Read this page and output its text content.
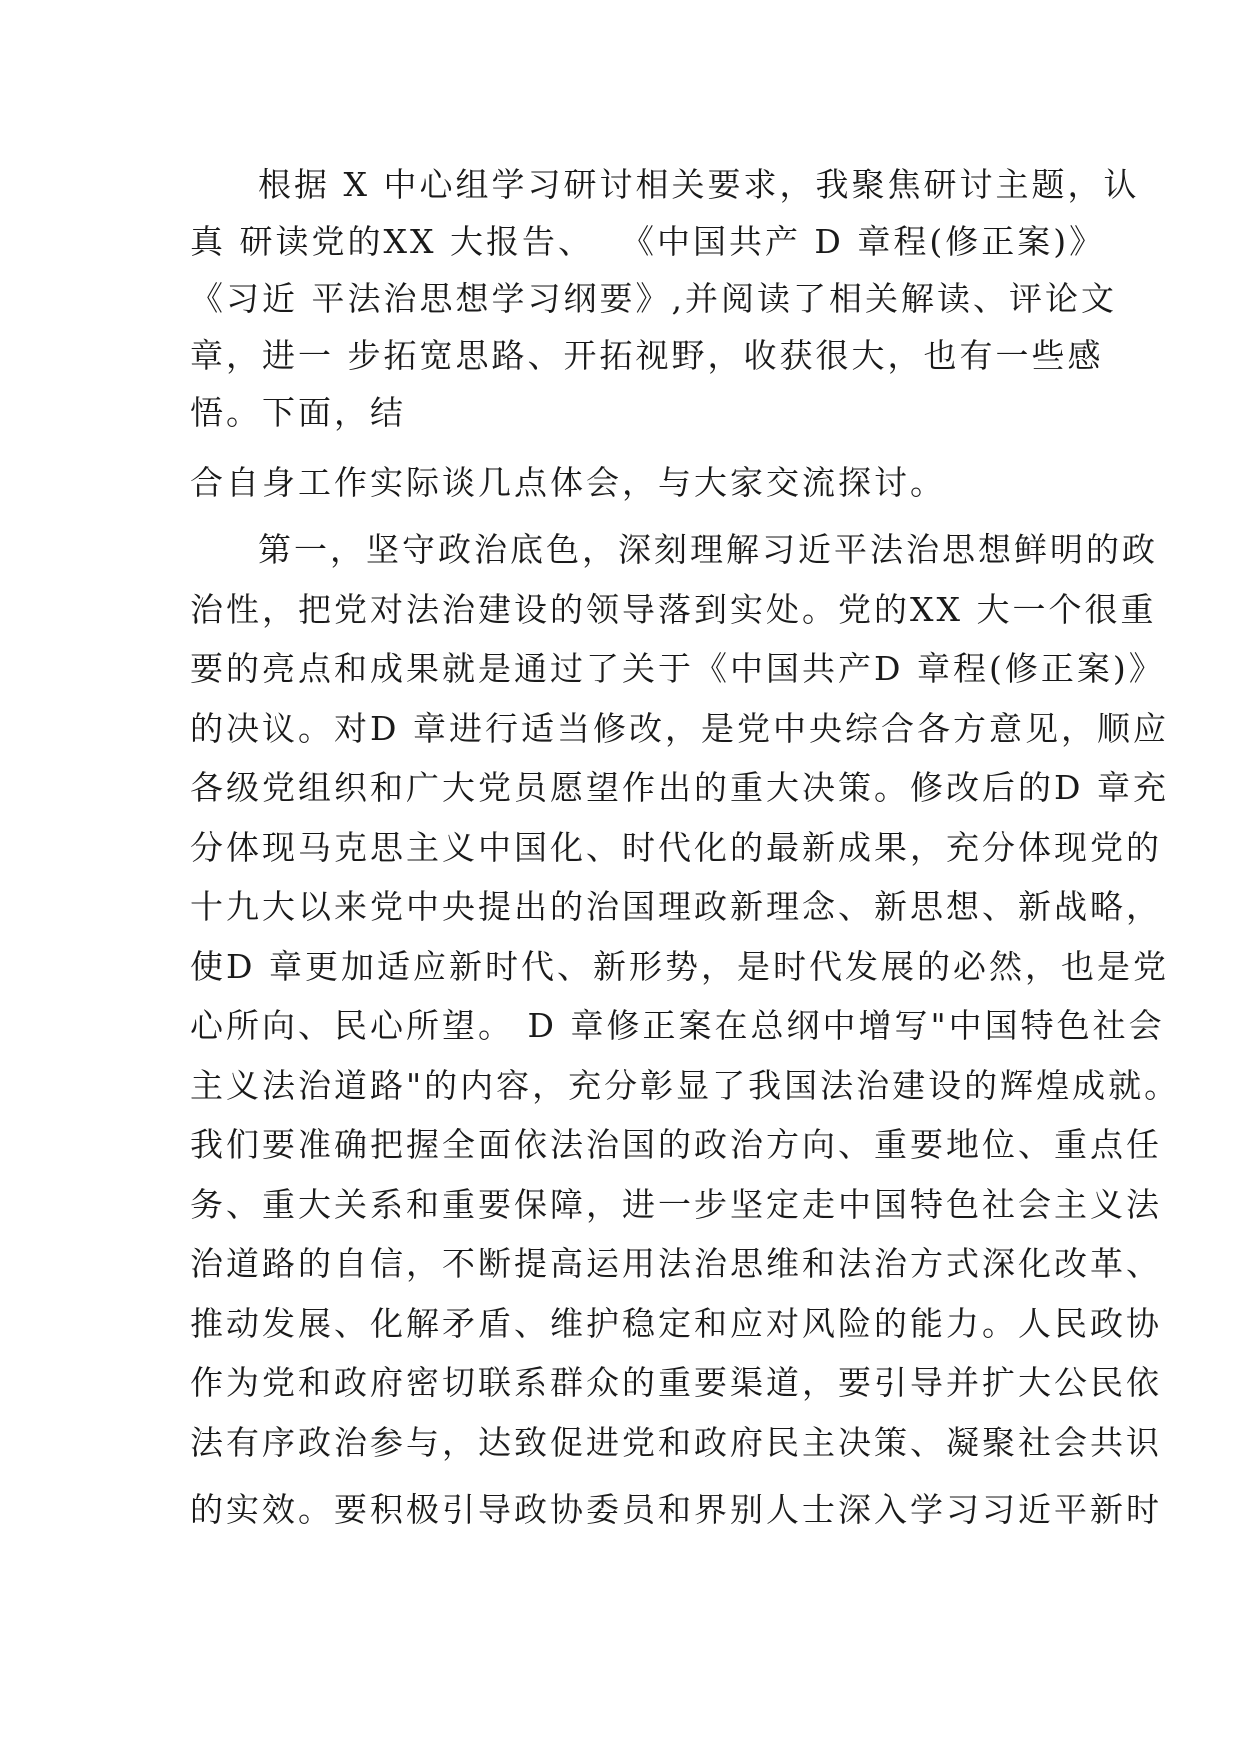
根据 X 中心组学习研讨相关要求，我聚焦研讨主题，认
真 研读党的XX 大报告、  《中国共产 D 章程(修正案)》
《习近 平法治思想学习纲要》,并阅读了相关解读、评论文
章，进一 步拓宽思路、开拓视野，收获很大，也有一些感
悟。下面，结
合自身工作实际谈几点体会，与大家交流探讨。
第一，坚守政治底色，深刻理解习近平法治思想鲜明的政
治性，把党对法治建设的领导落到实处。党的XX 大一个很重
要的亮点和成果就是通过了关于《中国共产D 章程(修正案)》
的决议。对D 章进行适当修改，是党中央综合各方意见，顺应
各级党组织和广大党员愿望作出的重大决策。修改后的D 章充
分体现马克思主义中国化、时代化的最新成果，充分体现党的
十九大以来党中央提出的治国理政新理念、新思想、新战略，
使D 章更加适应新时代、新形势，是时代发展的必然，也是党
心所向、民心所望。 D 章修正案在总纲中增写"中国特色社会
主义法治道路"的内容，充分彰显了我国法治建设的辉煌成就。
我们要准确把握全面依法治国的政治方向、重要地位、重点任
务、重大关系和重要保障，进一步坚定走中国特色社会主义法
治道路的自信，不断提高运用法治思维和法治方式深化改革、
推动发展、化解矛盾、维护稳定和应对风险的能力。人民政协
作为党和政府密切联系群众的重要渠道，要引导并扩大公民依
法有序政治参与，达致促进党和政府民主决策、凝聚社会共识
的实效。要积极引导政协委员和界别人士深入学习习近平新时
